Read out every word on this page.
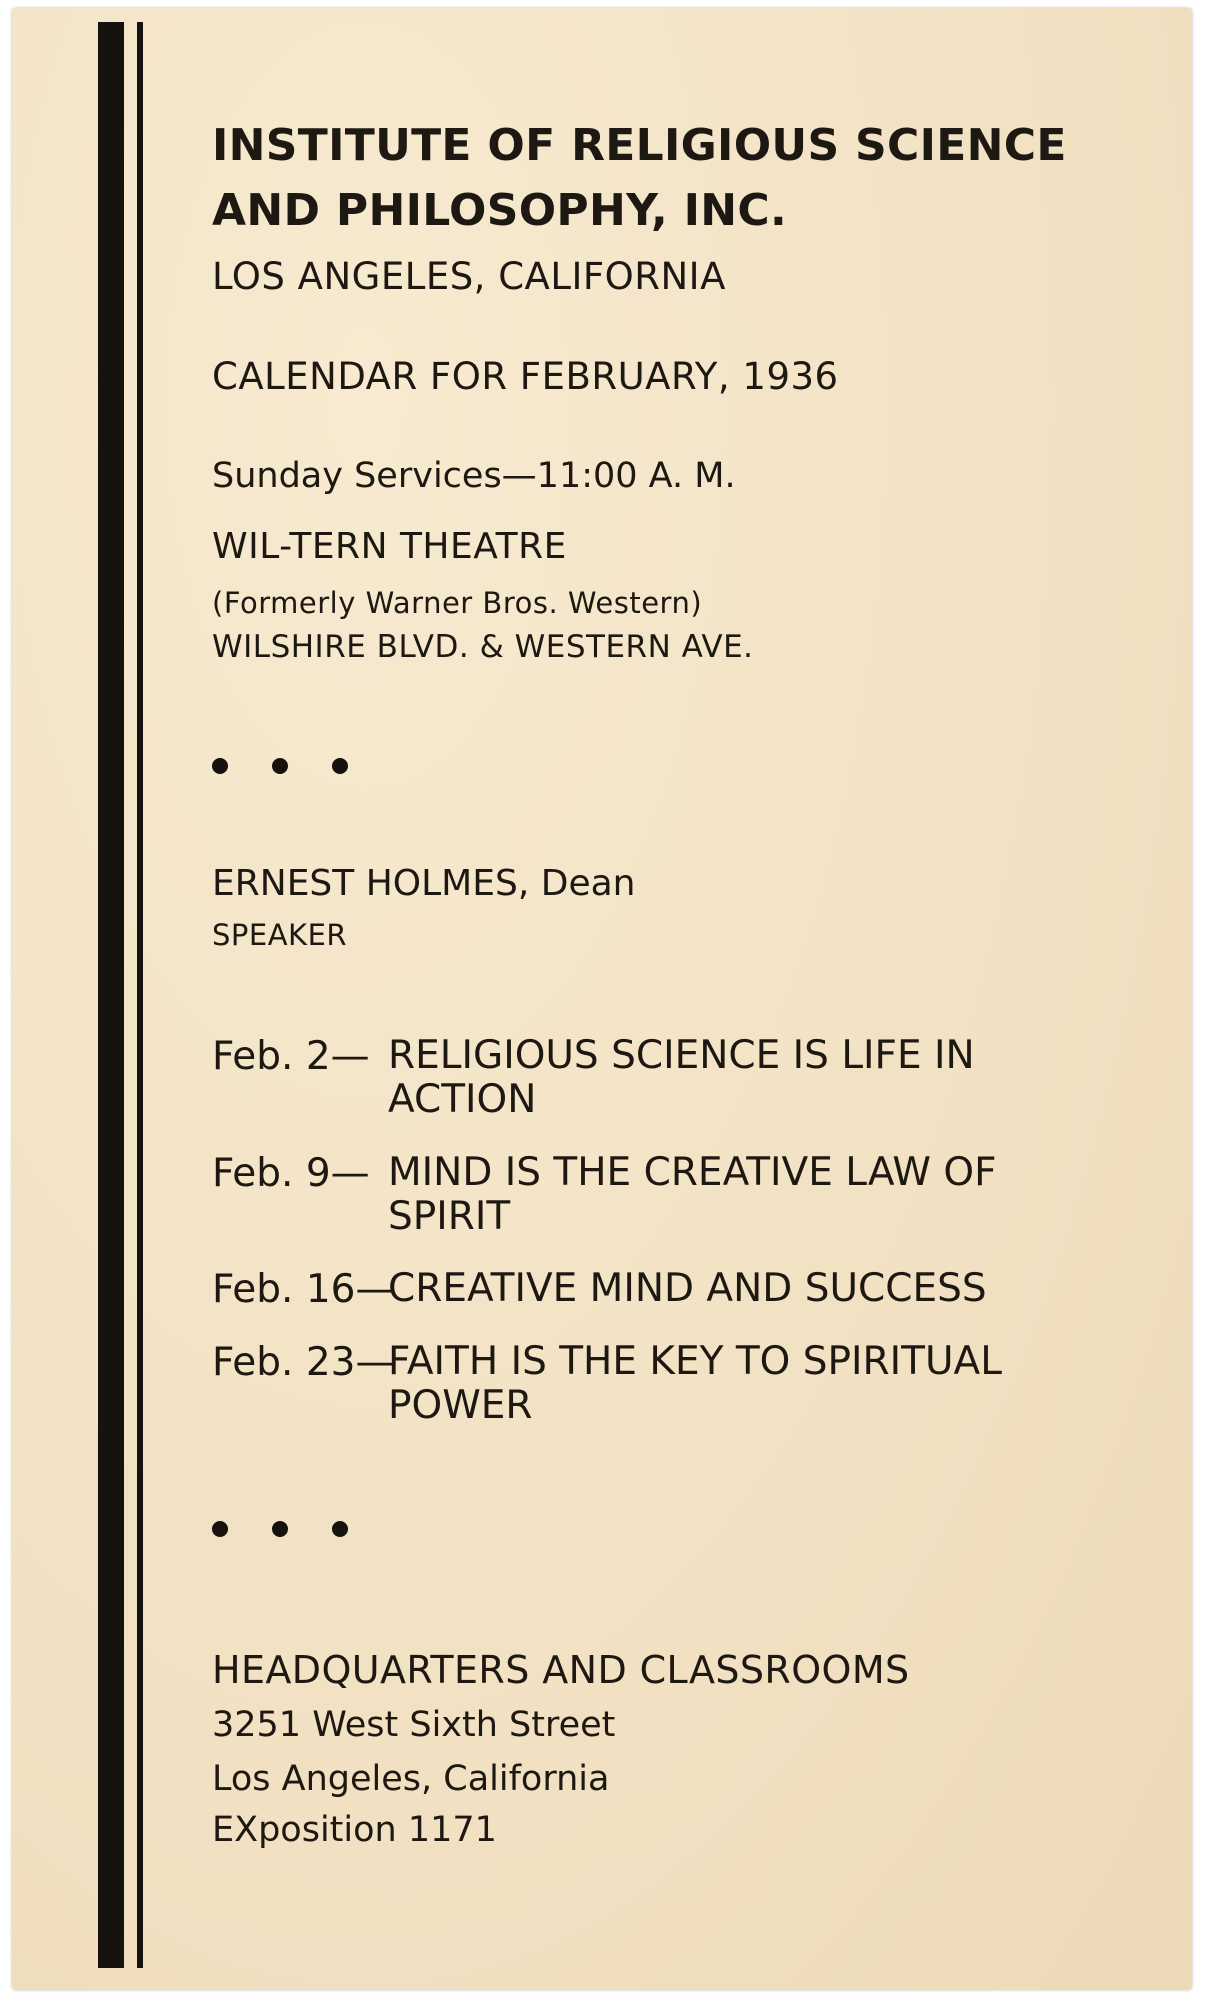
INSTITUTE OF RELIGIOUS SCIENCE
AND PHILOSOPHY, INC.
LOS ANGELES, CALIFORNIA
CALENDAR FOR FEBRUARY, 1936
Sunday Services—11:00 A. M.
WIL-TERN THEATRE
(Formerly Warner Bros. Western)
WILSHIRE BLVD. & WESTERN AVE.
ERNEST HOLMES, Dean
SPEAKER
Feb. 2— RELIGIOUS SCIENCE IS LIFE IN ACTION
Feb. 9— MIND IS THE CREATIVE LAW OF SPIRIT
Feb. 16—
CREATIVE MIND AND SUCCESS
Feb. 23—
FAITH IS THE KEY TO SPIRITUAL POWER
HEADQUARTERS AND CLASSROOMS
3251 West Sixth Street
Los Angeles, California
EXposition 1171
